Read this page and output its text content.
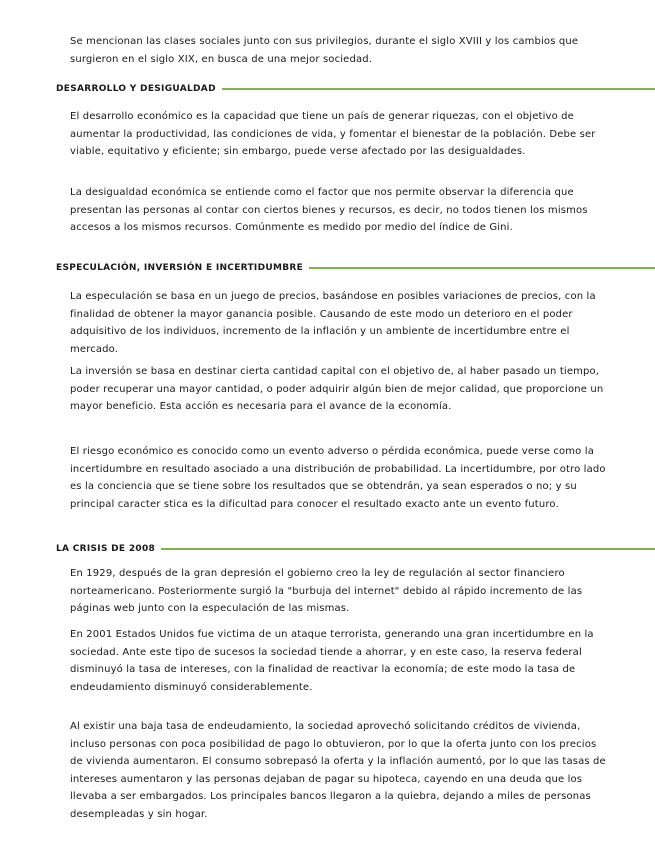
Se mencionan las clases sociales junto con sus privilegios, durante el siglo XVIII y los cambios que surgieron en el siglo XIX, en busca de una mejor sociedad.

DESARROLLO Y DESIGUALDAD

El desarrollo económico es la capacidad que tiene un país de generar riquezas, con el objetivo de aumentar la productividad, las condiciones de vida, y fomentar el bienestar de la población. Debe ser viable, equitativo y eficiente; sin embargo, puede verse afectado por las desigualdades.

La desigualdad económica se entiende como el factor que nos permite observar la diferencia que presentan las personas al contar con ciertos bienes y recursos, es decir, no todos tienen los mismos accesos a los mismos recursos. Comúnmente es medido por medio del índice de Gini.

ESPECULACIÓN, INVERSIÓN E INCERTIDUMBRE

La especulación se basa en un juego de precios, basándose en posibles variaciones de precios, con la finalidad de obtener la mayor ganancia posible. Causando de este modo un deterioro en el poder adquisitivo de los individuos, incremento de la inflación y un ambiente de incertidumbre entre el mercado.

La inversión se basa en destinar cierta cantidad capital con el objetivo de, al haber pasado un tiempo, poder recuperar una mayor cantidad, o poder adquirir algún bien de mejor calidad, que proporcione un mayor beneficio. Esta acción es necesaria para el avance de la economía.

El riesgo económico es conocido como un evento adverso o pérdida económica, puede verse como la incertidumbre en resultado asociado a una distribución de probabilidad. La incertidumbre, por otro lado es la conciencia que se tiene sobre los resultados que se obtendrán, ya sean esperados o no; y su principal caracter stica es la dificultad para conocer el resultado exacto ante un evento futuro.

LA CRISIS DE 2008

En 1929, después de la gran depresión el gobierno creo la ley de regulación al sector financiero norteamericano. Posteriormente surgió la "burbuja del internet" debido al rápido incremento de las páginas web junto con la especulación de las mismas.

En 2001 Estados Unidos fue victima de un ataque terrorista, generando una gran incertidumbre en la sociedad. Ante este tipo de sucesos la sociedad tiende a ahorrar, y en este caso, la reserva federal disminuyó la tasa de intereses, con la finalidad de reactivar la economía; de este modo la tasa de endeudamiento disminuyó considerablemente.

Al existir una baja tasa de endeudamiento, la sociedad aprovechó solicitando créditos de vivienda, incluso personas con poca posibilidad de pago lo obtuvieron, por lo que la oferta junto con los precios de vivienda aumentaron. El consumo sobrepasó la oferta y la inflación aumentó, por lo que las tasas de intereses aumentaron y las personas dejaban de pagar su hipoteca, cayendo en una deuda que los llevaba a ser embargados. Los principales bancos llegaron a la quiebra, dejando a miles de personas desempleadas y sin hogar.
